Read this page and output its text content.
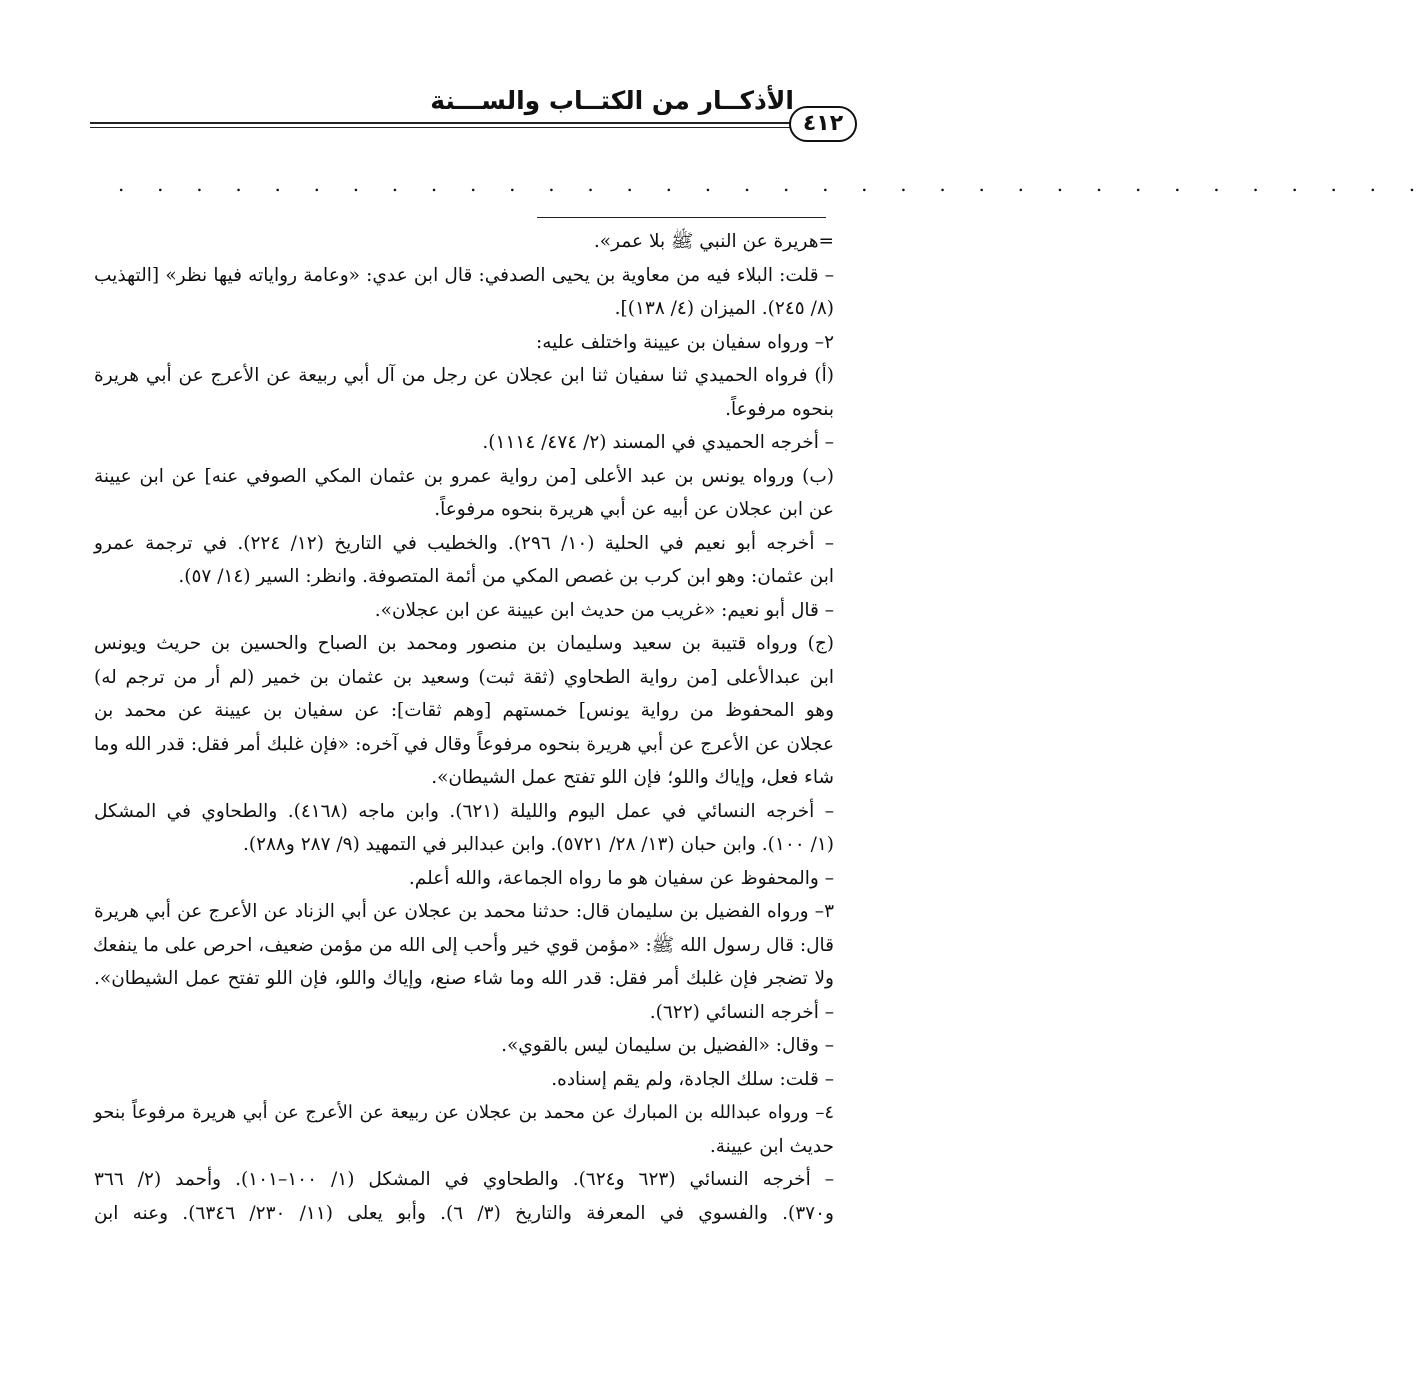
الأذكــار من الكتــاب والســـنة
٤١٢
. . . . . . . . . . . . . . . . . . . . . . . . . . . . . . . . . .
=هريرة عن النبي ﷺ بلا عمر».
– قلت: البلاء فيه من معاوية بن يحيى الصدفي: قال ابن عدي: «وعامة رواياته فيها نظر» [التهذيب
(٨/ ٢٤٥). الميزان (٤/ ١٣٨)].
٢– ورواه سفيان بن عيينة واختلف عليه:
(أ) فرواه الحميدي ثنا سفيان ثنا ابن عجلان عن رجل من آل أبي ربيعة عن الأعرج عن أبي هريرة
بنحوه مرفوعاً.
– أخرجه الحميدي في المسند (٢/ ٤٧٤/ ١١١٤).
(ب) ورواه يونس بن عبد الأعلى [من رواية عمرو بن عثمان المكي الصوفي عنه] عن ابن عيينة
عن ابن عجلان عن أبيه عن أبي هريرة بنحوه مرفوعاً.
– أخرجه أبو نعيم في الحلية (١٠/ ٢٩٦). والخطيب في التاريخ (١٢/ ٢٢٤). في ترجمة عمرو
ابن عثمان: وهو ابن كرب بن غصص المكي من أئمة المتصوفة. وانظر: السير (١٤/ ٥٧).
– قال أبو نعيم: «غريب من حديث ابن عيينة عن ابن عجلان».
(ج) ورواه قتيبة بن سعيد وسليمان بن منصور ومحمد بن الصباح والحسين بن حريث ويونس
ابن عبدالأعلى [من رواية الطحاوي (ثقة ثبت) وسعيد بن عثمان بن خمير (لم أر من ترجم له)
وهو المحفوظ من رواية يونس] خمستهم [وهم ثقات]: عن سفيان بن عيينة عن محمد بن
عجلان عن الأعرج عن أبي هريرة بنحوه مرفوعاً وقال في آخره: «فإن غلبك أمر فقل: قدر الله وما
شاء فعل، وإياك واللو؛ فإن اللو تفتح عمل الشيطان».
– أخرجه النسائي في عمل اليوم والليلة (٦٢١). وابن ماجه (٤١٦٨). والطحاوي في المشكل
(١/ ١٠٠). وابن حبان (١٣/ ٢٨/ ٥٧٢١). وابن عبدالبر في التمهيد (٩/ ٢٨٧ و٢٨٨).
– والمحفوظ عن سفيان هو ما رواه الجماعة، والله أعلم.
٣– ورواه الفضيل بن سليمان قال: حدثنا محمد بن عجلان عن أبي الزناد عن الأعرج عن أبي هريرة
قال: قال رسول الله ﷺ: «مؤمن قوي خير وأحب إلى الله من مؤمن ضعيف، احرص على ما ينفعك
ولا تضجر فإن غلبك أمر فقل: قدر الله وما شاء صنع، وإياك واللو، فإن اللو تفتح عمل الشيطان».
– أخرجه النسائي (٦٢٢).
– وقال: «الفضيل بن سليمان ليس بالقوي».
– قلت: سلك الجادة، ولم يقم إسناده.
٤– ورواه عبدالله بن المبارك عن محمد بن عجلان عن ربيعة عن الأعرج عن أبي هريرة مرفوعاً بنحو
حديث ابن عيينة.
– أخرجه النسائي (٦٢٣ و٦٢٤). والطحاوي في المشكل (١/ ١٠٠–١٠١). وأحمد (٢/ ٣٦٦
و٣٧٠). والفسوي في المعرفة والتاريخ (٣/ ٦). وأبو يعلى (١١/ ٢٣٠/ ٦٣٤٦). وعنه ابن
